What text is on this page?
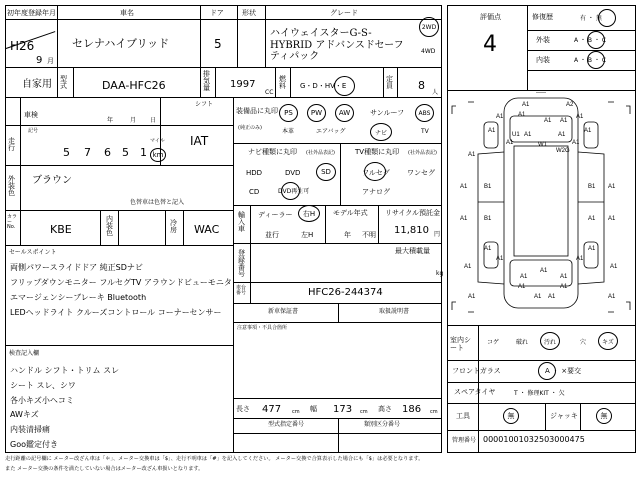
初年度登録年月	車名	ドア	形状	グレード
H26
9 月
セレナハイブリッド	5
ハイウェイスターG-S-HYBRID アドバンスドセーフティパック
2WD
4WD
自家用 型式	DAA-HFC26
排気量	1997
CC
燃料	G・D・HV・E
定員 8
人
車検
年	月 日
シフト
IAT
走行
記号
5 7 6 5 1
マイル
km
外装色
ブラウン
色替車は色替と記入
カラーNo.	KBE
内装色
冷房 WAC
セールスポイント
両側パワースライドドア 純正SDナビ
フリップダウンモニター フルセグTV アラウンドビューモニタ
エマージェンシーブレーキ Bluetooth
LEDヘッドライト クルーズコントロール コーナーセンサー
検査記入欄
ハンドル シフト・トリム スレ
シート スレ、シワ
各小キズ小ヘコミ
AWキズ
内装清掃痛
Goo鑑定付き
装備品に丸印
(純正のみ)
PS	PW AW	サンルーフ ABS
本革	エアバッグ	ナビ	TV
ナビ種類に丸印 (社外品表記)
HDD	DVD	SD
CD	DVD再生可
TV種類に丸印 (社外品表記)
フルセグ ワンセグ
アナログ
輸入車
ディーラー 右H
並行	左H
モデル年式
年 不明
リサイクル預託金
11,810 円
最大積載量
kg
登録番号
車台番号	HFC26-244374
新車保証書	取扱説明書
注意事項・不具合箇所
長さ 477 cm 幅 173 cm 高さ 186 cm
型式指定番号	類別区分番号
評価点
4
修復歴	有 ・ 無
外装	A ・ B ・ C
内装	A ・ B ・ C
A1	A2
A1
A1 A1
U1 A1	A1
W1
A1	A1
A1	A1
A1
B1
A1	B1 A1
B1
A1	A1 A1
A1	A1
A1	A1
A1
A1
A1
A1	A1
A1 A1
A1	A1
A1	A1
A1	A1
W2G
室内シート
コゲ	破れ	汚れ	穴	キズ
フロントガラス	A ・ ×要交
スペアタイヤ	T ・ 修理KIT ・ 欠
工具	無	ジャッキ	無
管理番号 0000100103250300047​5
走行距離の記号欄に メーター改ざん車は「＊」、メーター交換車は「$」、走行不明車は「#」を記入してください。 メーター交換で合算表示した場合にも「$」は必要となります。
また メーター交換の条件を満たしていない場合はメーター改ざん車扱いとなります。
